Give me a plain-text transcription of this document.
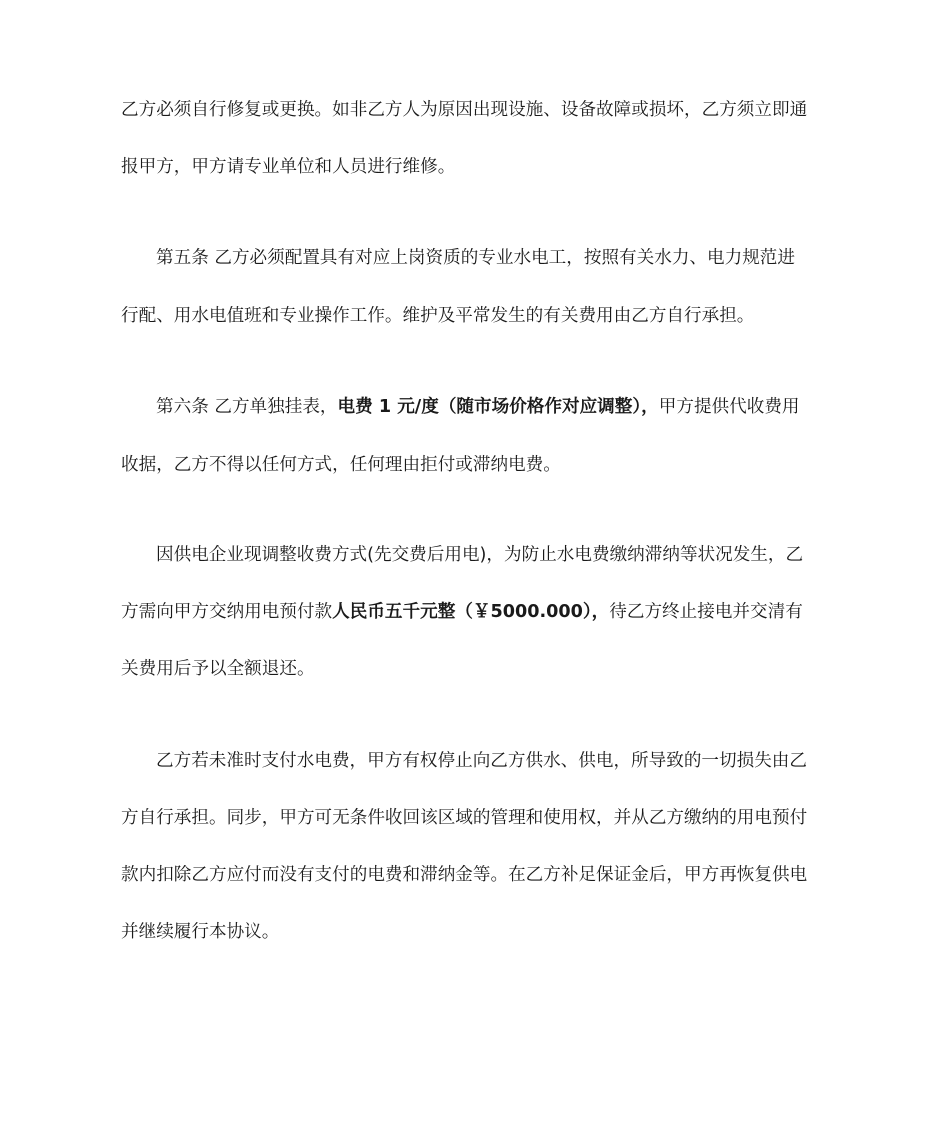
乙方必须自行修复或更换。如非乙方人为原因出现设施、设备故障或损坏，乙方须立即通

报甲方，甲方请专业单位和人员进行维修。

第五条 乙方必须配置具有对应上岗资质的专业水电工，按照有关水力、电力规范进

行配、用水电值班和专业操作工作。维护及平常发生的有关费用由乙方自行承担。

第六条 乙方单独挂表，电费 1 元/度（随市场价格作对应调整），甲方提供代收费用

收据，乙方不得以任何方式，任何理由拒付或滞纳电费。

因供电企业现调整收费方式(先交费后用电)，为防止水电费缴纳滞纳等状况发生，乙

方需向甲方交纳用电预付款人民币五千元整（￥5000.000），待乙方终止接电并交清有

关费用后予以全额退还。

乙方若未准时支付水电费，甲方有权停止向乙方供水、供电，所导致的一切损失由乙

方自行承担。同步，甲方可无条件收回该区域的管理和使用权，并从乙方缴纳的用电预付

款内扣除乙方应付而没有支付的电费和滞纳金等。在乙方补足保证金后，甲方再恢复供电

并继续履行本协议。
